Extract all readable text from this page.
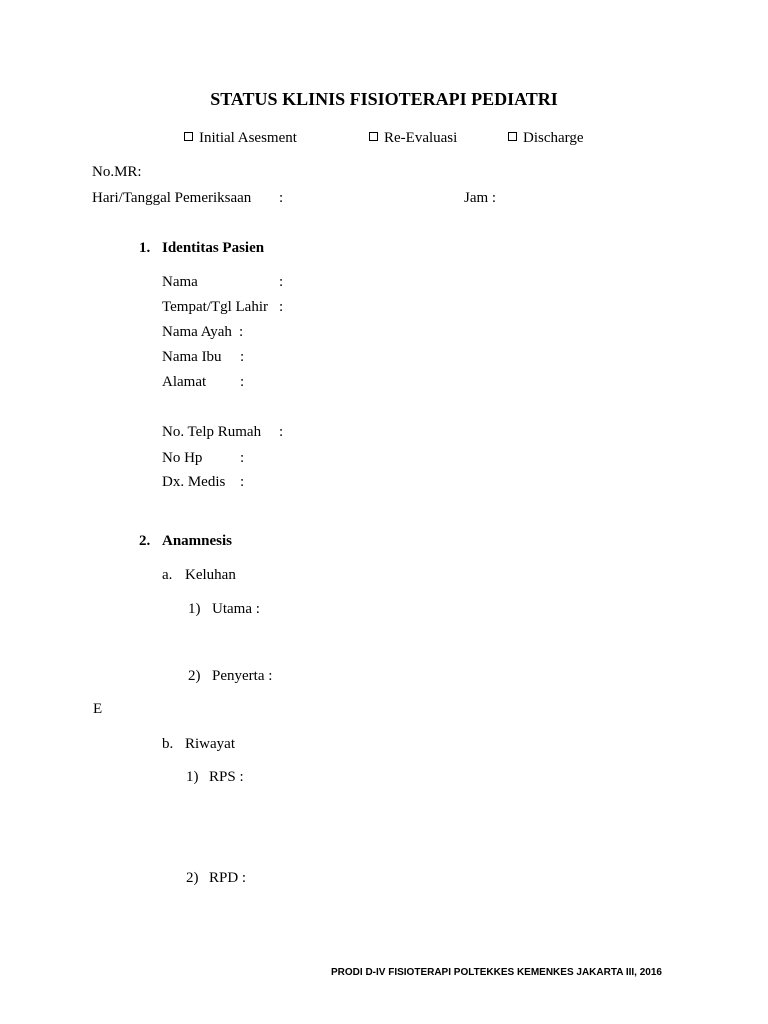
STATUS KLINIS FISIOTERAPI PEDIATRI
Initial Asesment	Re-Evaluasi	Discharge
No.MR:
Hari/Tanggal Pemeriksaan :	Jam :
1. Identitas Pasien
Nama	:
Tempat/Tgl Lahir :
Nama Ayah :
Nama Ibu :
Alamat :
No. Telp Rumah :
No Hp	:
Dx. Medis :
2. Anamnesis
a. Keluhan
1) Utama :
2) Penyerta :
E
b. Riwayat
1) RPS :
2) RPD :
PRODI D-IV FISIOTERAPI POLTEKKES KEMENKES JAKARTA III, 2016
